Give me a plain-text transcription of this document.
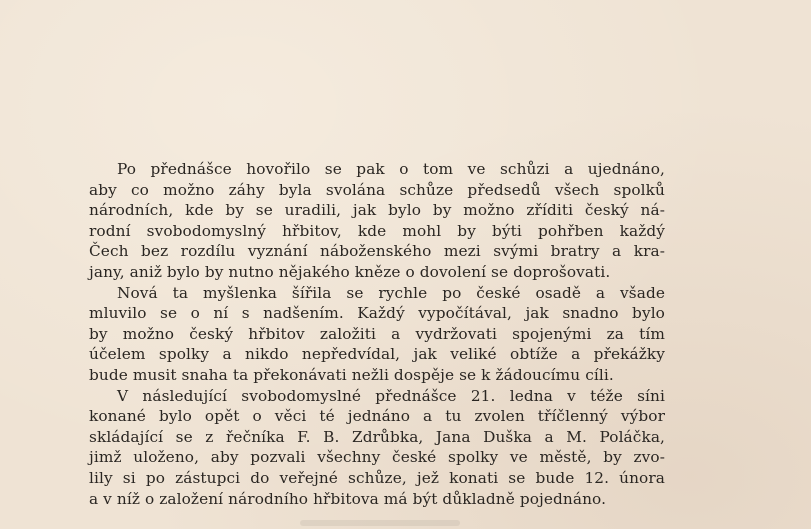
Po přednášce hovořilo se pak o tom ve schůzi a ujednáno,
aby co možno záhy byla svolána schůze předsedů všech spolků
národních, kde by se uradili, jak bylo by možno zříditi český ná-
rodní svobodomyslný hřbitov, kde mohl by býti pohřben každý
Čech bez rozdílu vyznání náboženského mezi svými bratry a kra-
jany, aniž bylo by nutno nějakého kněze o dovolení se doprošovati.
Nová ta myšlenka šířila se rychle po české osadě a všade
mluvilo se o ní s nadšením. Každý vypočítával, jak snadno bylo
by možno český hřbitov založiti a vydržovati spojenými za tím
účelem spolky a nikdo nepředvídal, jak veliké obtíže a překážky
bude musit snaha ta překonávati nežli dospěje se k žádoucímu cíli.
V následující svobodomyslné přednášce 21. ledna v téže síni
konané bylo opět o věci té jednáno a tu zvolen tříčlenný výbor
skládající se z řečníka F. B. Zdrůbka, Jana Duška a M. Poláčka,
jimž uloženo, aby pozvali všechny české spolky ve městě, by zvo-
lily si po zástupci do veřejné schůze, jež konati se bude 12. února
a v níž o založení národního hřbitova má být důkladně pojednáno.
